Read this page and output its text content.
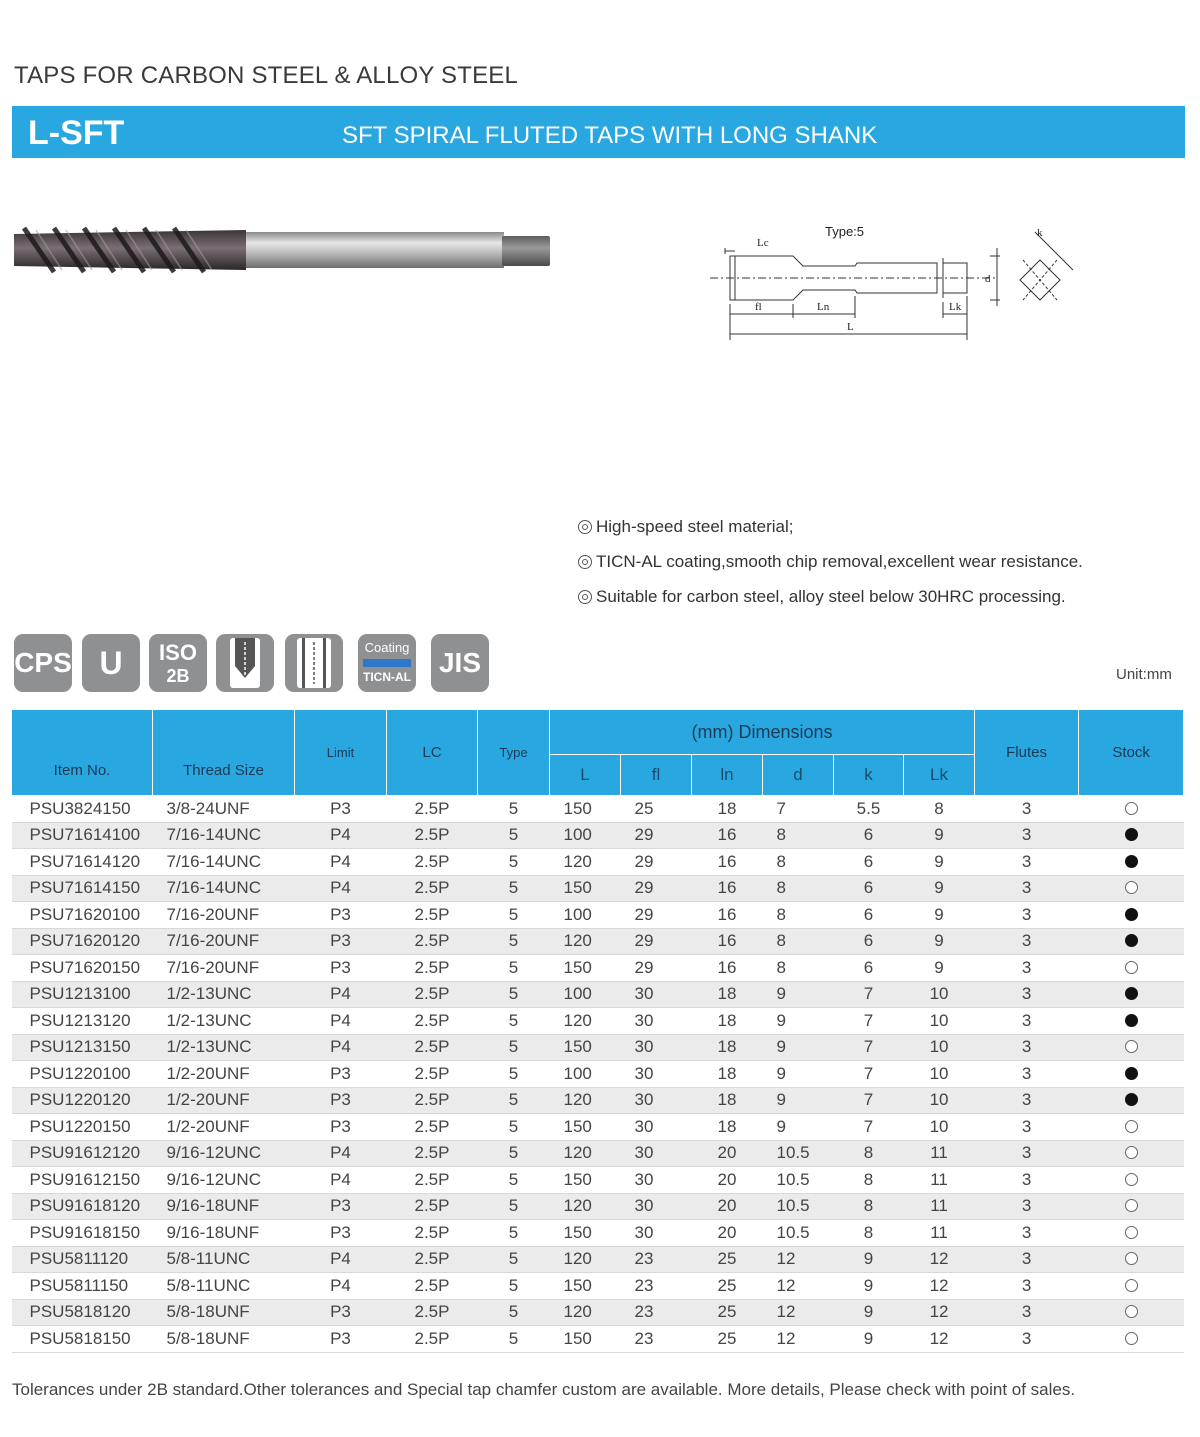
TAPS FOR CARBON STEEL & ALLOY STEEL
L-SFT	SFT SPIRAL FLUTED TAPS WITH LONG SHANK
Type:5
Lc
fl	Ln	Lk
L
d
k
High-speed steel material;
TICN-AL coating,smooth chip removal,excellent wear resistance.
Suitable for carbon steel, alloy steel below 30HRC processing.
CPS U	ISO
2B
Coating
TICN-AL JIS	Unit:mm
Item No.	Thread Size	Limit	LC	Type	(mm) Dimensions						Flutes	Stock
					L	fl	ln	d	k	Lk		
PSU3824150	3/8-24UNF	P3	2.5P	5	150	25	18	7	5.5	8	3	
PSU71614100	7/16-14UNC	P4	2.5P	5	100	29	16	8	6	9	3	
PSU71614120	7/16-14UNC	P4	2.5P	5	120	29	16	8	6	9	3	
PSU71614150	7/16-14UNC	P4	2.5P	5	150	29	16	8	6	9	3	
PSU71620100	7/16-20UNF	P3	2.5P	5	100	29	16	8	6	9	3	
PSU71620120	7/16-20UNF	P3	2.5P	5	120	29	16	8	6	9	3	
PSU71620150	7/16-20UNF	P3	2.5P	5	150	29	16	8	6	9	3	
PSU1213100	1/2-13UNC	P4	2.5P	5	100	30	18	9	7	10	3	
PSU1213120	1/2-13UNC	P4	2.5P	5	120	30	18	9	7	10	3	
PSU1213150	1/2-13UNC	P4	2.5P	5	150	30	18	9	7	10	3	
PSU1220100	1/2-20UNF	P3	2.5P	5	100	30	18	9	7	10	3	
PSU1220120	1/2-20UNF	P3	2.5P	5	120	30	18	9	7	10	3	
PSU1220150	1/2-20UNF	P3	2.5P	5	150	30	18	9	7	10	3	
PSU91612120	9/16-12UNC	P4	2.5P	5	120	30	20	10.5	8	11	3	
PSU91612150	9/16-12UNC	P4	2.5P	5	150	30	20	10.5	8	11	3	
PSU91618120	9/16-18UNF	P3	2.5P	5	120	30	20	10.5	8	11	3	
PSU91618150	9/16-18UNF	P3	2.5P	5	150	30	20	10.5	8	11	3	
PSU5811120	5/8-11UNC	P4	2.5P	5	120	23	25	12	9	12	3	
PSU5811150	5/8-11UNC	P4	2.5P	5	150	23	25	12	9	12	3	
PSU5818120	5/8-18UNF	P3	2.5P	5	120	23	25	12	9	12	3	
PSU5818150	5/8-18UNF	P3	2.5P	5	150	23	25	12	9	12	3	
Tolerances under 2B standard.Other tolerances and Special tap chamfer custom are available. More details, Please check with point of sales.
